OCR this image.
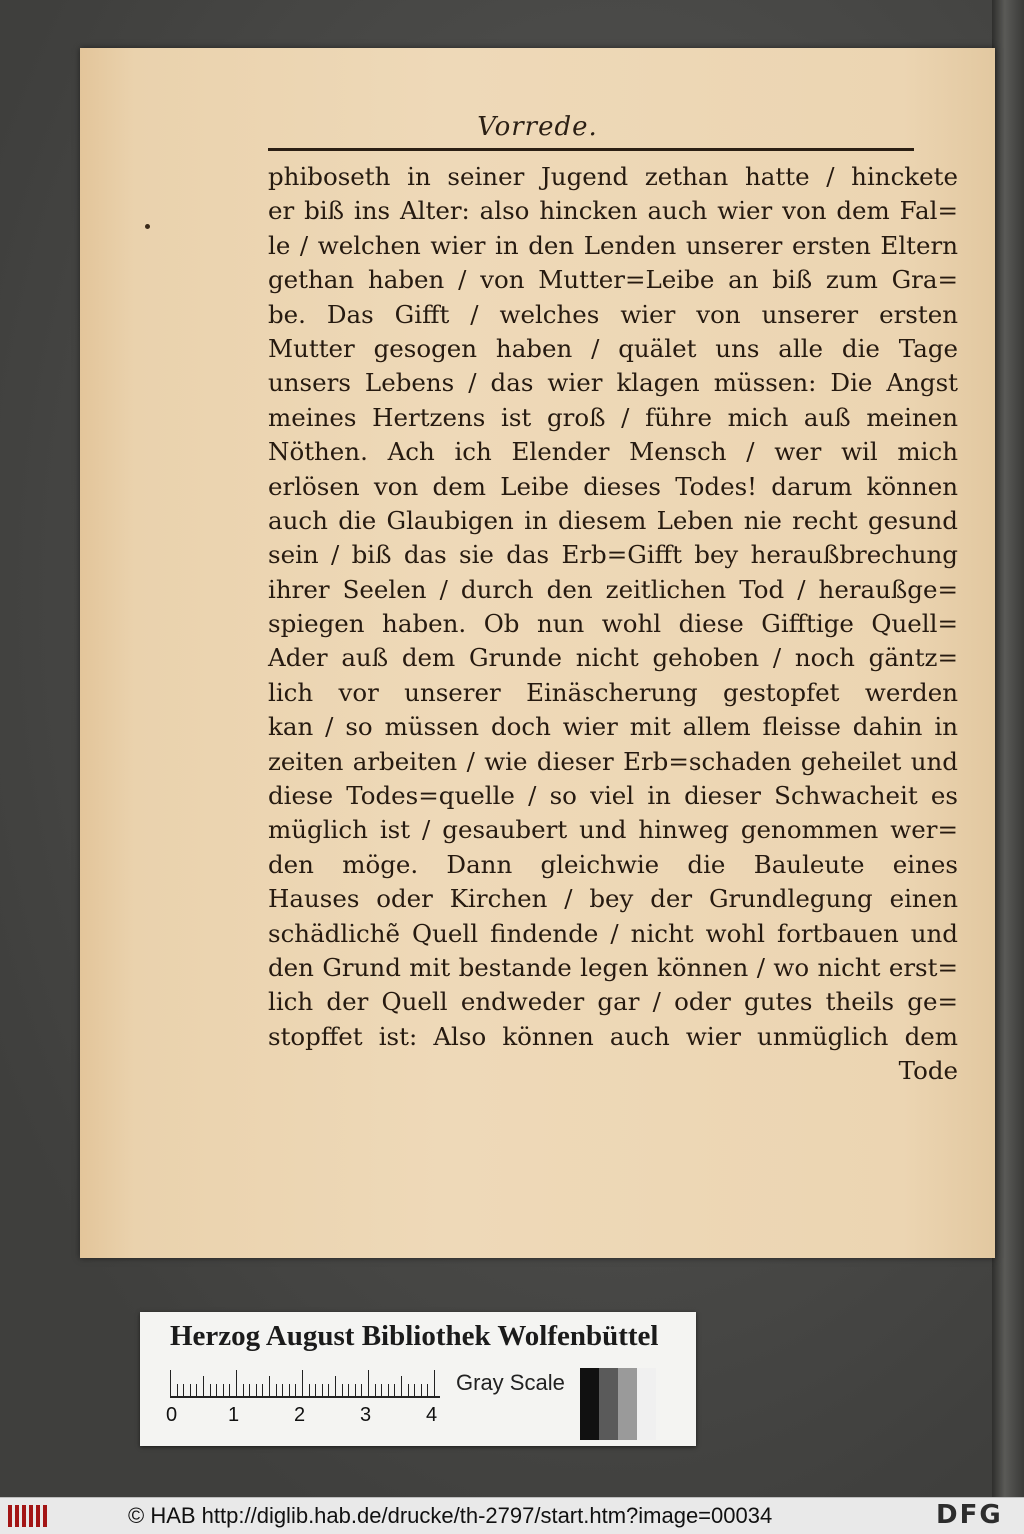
Vorrede.
phiboseth in seiner Jugend zethan hatte / hinckete
er biß ins Alter: also hincken auch wier von dem Fal=
le / welchen wier in den Lenden unserer ersten Eltern
gethan haben / von Mutter=Leibe an biß zum Gra=
be. Das Gifft / welches wier von unserer ersten
Mutter gesogen haben / quälet uns alle die Tage
unsers Lebens / das wier klagen müssen: Die Angst
meines Hertzens ist groß / führe mich auß meinen
Nöthen. Ach ich Elender Mensch / wer wil mich
erlösen von dem Leibe dieses Todes! darum können
auch die Glaubigen in diesem Leben nie recht gesund
sein / biß das sie das Erb=Gifft bey heraußbrechung
ihrer Seelen / durch den zeitlichen Tod / heraußge=
spiegen haben. Ob nun wohl diese Gifftige Quell=
Ader auß dem Grunde nicht gehoben / noch gäntz=
lich vor unserer Einäscherung gestopfet werden
kan / so müssen doch wier mit allem fleisse dahin in
zeiten arbeiten / wie dieser Erb=schaden geheilet und
diese Todes=quelle / so viel in dieser Schwacheit es
müglich ist / gesaubert und hinweg genommen wer=
den möge. Dann gleichwie die Bauleute eines
Hauses oder Kirchen / bey der Grundlegung einen
schädlichẽ Quell findende / nicht wohl fortbauen und
den Grund mit bestande legen können / wo nicht erst=
lich der Quell endweder gar / oder gutes theils ge=
stopffet ist: Also können auch wier unmüglich dem
Tode
Herzog August Bibliothek Wolfenbüttel
0	1	2	3	4
Gray Scale
© HAB http://diglib.hab.de/drucke/th-2797/start.htm?image=00034	DFG
